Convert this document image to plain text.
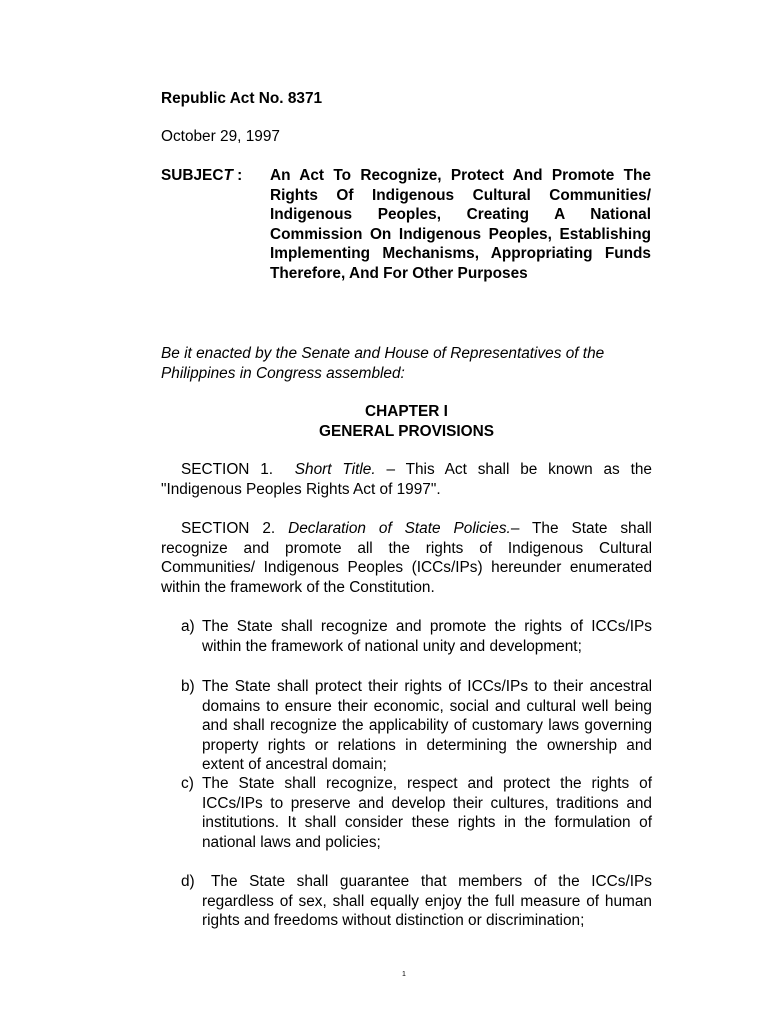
Republic Act No. 8371
October 29, 1997
SUBJECT :	An Act To Recognize, Protect And Promote The Rights Of Indigenous Cultural Communities/ Indigenous Peoples, Creating A National Commission On Indigenous Peoples, Establishing Implementing Mechanisms, Appropriating Funds Therefore, And For Other Purposes
Be it enacted by the Senate and House of Representatives of the Philippines in Congress assembled:
CHAPTER I
GENERAL PROVISIONS
SECTION 1. Short Title. – This Act shall be known as the "Indigenous Peoples Rights Act of 1997".
SECTION 2. Declaration of State Policies.– The State shall recognize and promote all the rights of Indigenous Cultural Communities/ Indigenous Peoples (ICCs/IPs) hereunder enumerated within the framework of the Constitution.
a) The State shall recognize and promote the rights of ICCs/IPs within the framework of national unity and development;
b) The State shall protect their rights of ICCs/IPs to their ancestral domains to ensure their economic, social and cultural well being and shall recognize the applicability of customary laws governing property rights or relations in determining the ownership and extent of ancestral domain;
c) The State shall recognize, respect and protect the rights of ICCs/IPs to preserve and develop their cultures, traditions and institutions. It shall consider these rights in the formulation of national laws and policies;
d)	The State shall guarantee that members of the ICCs/IPs regardless of sex, shall equally enjoy the full measure of human rights and freedoms without distinction or discrimination;
1
